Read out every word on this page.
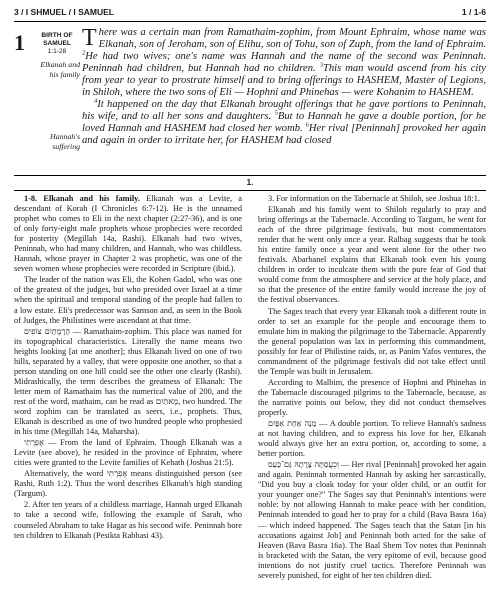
3 / I SHMUEL / I SAMUEL	1 / 1-6
1	BIRTH OF
SAMUEL
1:1-28
Elkanah and
his family
Hannah's
suffering

There was a certain man from Ramathaim-zophim, from Mount Ephraim, whose name was Elkanah, son of Jeroham, son of Elihu, son of Tohu, son of Zuph, from the land of Ephraim. $^2$He had two wives; one's name was Hannah and the name of the second was Peninnah. Peninnah had children, but Hannah had no children. $^3$This man would ascend from his city from year to year to prostrate himself and to bring offerings to HASHEM, Master of Legions, in Shiloh, where the two sons of Eli — Hophni and Phinehas — were Kohanim to HASHEM.

$^4$It happened on the day that Elkanah brought offerings that he gave portions to Peninnah, his wife, and to all her sons and daughters. $^5$But to Hannah he gave a double portion, for he loved Hannah and HASHEM had closed her womb. $^6$Her rival [Peninnah] provoked her again and again in order to irritate her, for HASHEM had closed

1.

1-8. Elkanah and his family. Elkanah was a Levite, a descendant of Korah (I Chronicles 6:7-12). He is the unnamed prophet who comes to Eli in the next chapter (2:27-36), and is one of only forty-eight male prophets whose prophecies were recorded for posterity (Megillah 14a, Rashi). Elkanah had two wives, Peninnah, who had many children, and Hannah, who was childless. Hannah, whose prayer in Chapter 2 was prophetic, was one of the seven women whose prophecies were recorded in Scripture (ibid.).

The leader of the nation was Eli, the Kohen Gadol, who was one of the greatest of the judges, but who presided over Israel at a time when the spiritual and temporal standing of the people had fallen to a low estate. Eli's predecessor was Samson and, as seen in the Book of Judges, the Philistines were ascendant at that time.

הָרָמָתַיִם צוֹפִים — Ramathaim-zophim. This place was named for its topographical characteristics. Literally the name means two heights looking [at one another]; thus Elkanah lived on one of two hills, separated by a valley, that were opposite one another, so that a person standing on one hill could see the other one clearly (Rashi). Midrashically, the term describes the greatness of Elkanah: The letter mem of Ramathaim has the numerical value of 200, and the rest of the word, mathaim, can be read as מָאתַיִם, two hundred. The word zophim can be translated as seers, i.e., prophets. Thus, Elkanah is described as one of two hundred people who prophesied in his time (Megillah 14a, Maharsha).

אֶפְרָתִי — From the land of Ephraim. Though Elkanah was a Levite (see above), he resided in the province of Ephraim, where cities were granted to the Levite families of Kehath (Joshua 21:5).

Alternatively, the word אֶפְרָתִי means distinguished person (see Rashi, Ruth 1:2). Thus the word describes Elkanah's high standing (Targum).

2. After ten years of a childless marriage, Hannah urged Elkanah to take a second wife, following the example of Sarah, who counseled Abraham to take Hagar as his second wife. Peninnah bore ten children to Elkanah (Pesikta Rabbasi 43).

3. For information on the Tabernacle at Shiloh, see Joshua 18:1.

Elkanah and his family went to Shiloh regularly to pray and bring offerings at the Tabernacle. According to Targum, he went for each of the three pilgrimage festivals, but most commentators render that he went only once a year. Ralbag suggests that he took his entire family once a year and went alone for the other two festivals. Abarbanel explains that Elkanah took even his young children in order to inculcate them with the pure fear of God that would come from the atmosphere and service at the holy place, and so that the presence of the entire family would increase the joy of the festival observances.

The Sages teach that every year Elkanah took a different route in order to set an example for the people and encourage them to emulate him in making the pilgrimage to the Tabernacle. Apparently the general population was lax in performing this commandment, possibly for fear of Philistine raids, or, as Panim Yafos ventures, the commandment of the pilgrimage festivals did not take effect until the Temple was built in Jerusalem.

According to Malbim, the presence of Hophni and Phinehas in the Tabernacle discouraged pilgrims to the Tabernacle, because, as the narrative points out below, they did not conduct themselves properly.

מָנָה אַחַת אַפָּיִם — A double portion. To relieve Hannah's sadness at not having children, and to express his love for her, Elkanah would always give her an extra portion, or, according to some, a better portion.

וְכִעֲסַתָּה צָרָתָהּ גַּם־כַּעַס — Her rival [Peninnah] provoked her again and again. Peninnah tormented Hannah by asking her sarcastically, "Did you buy a cloak today for your older child, or an outfit for your younger one?" The Sages say that Peninnah's intentions were noble: by not allowing Hannah to make peace with her condition, Peninnah intended to goad her to pray for a child (Bava Basra 16a) — which indeed happened. The Sages teach that the Satan [in his accusations against Job] and Peninnah both acted for the sake of Heaven (Bava Basra 16a). The Baal Shem Tov notes that Peninnah is bracketed with the Satan, the very epitome of evil, because good intentions do not justify cruel tactics. Therefore Peninnah was severely punished, for eight of her ten children died.
